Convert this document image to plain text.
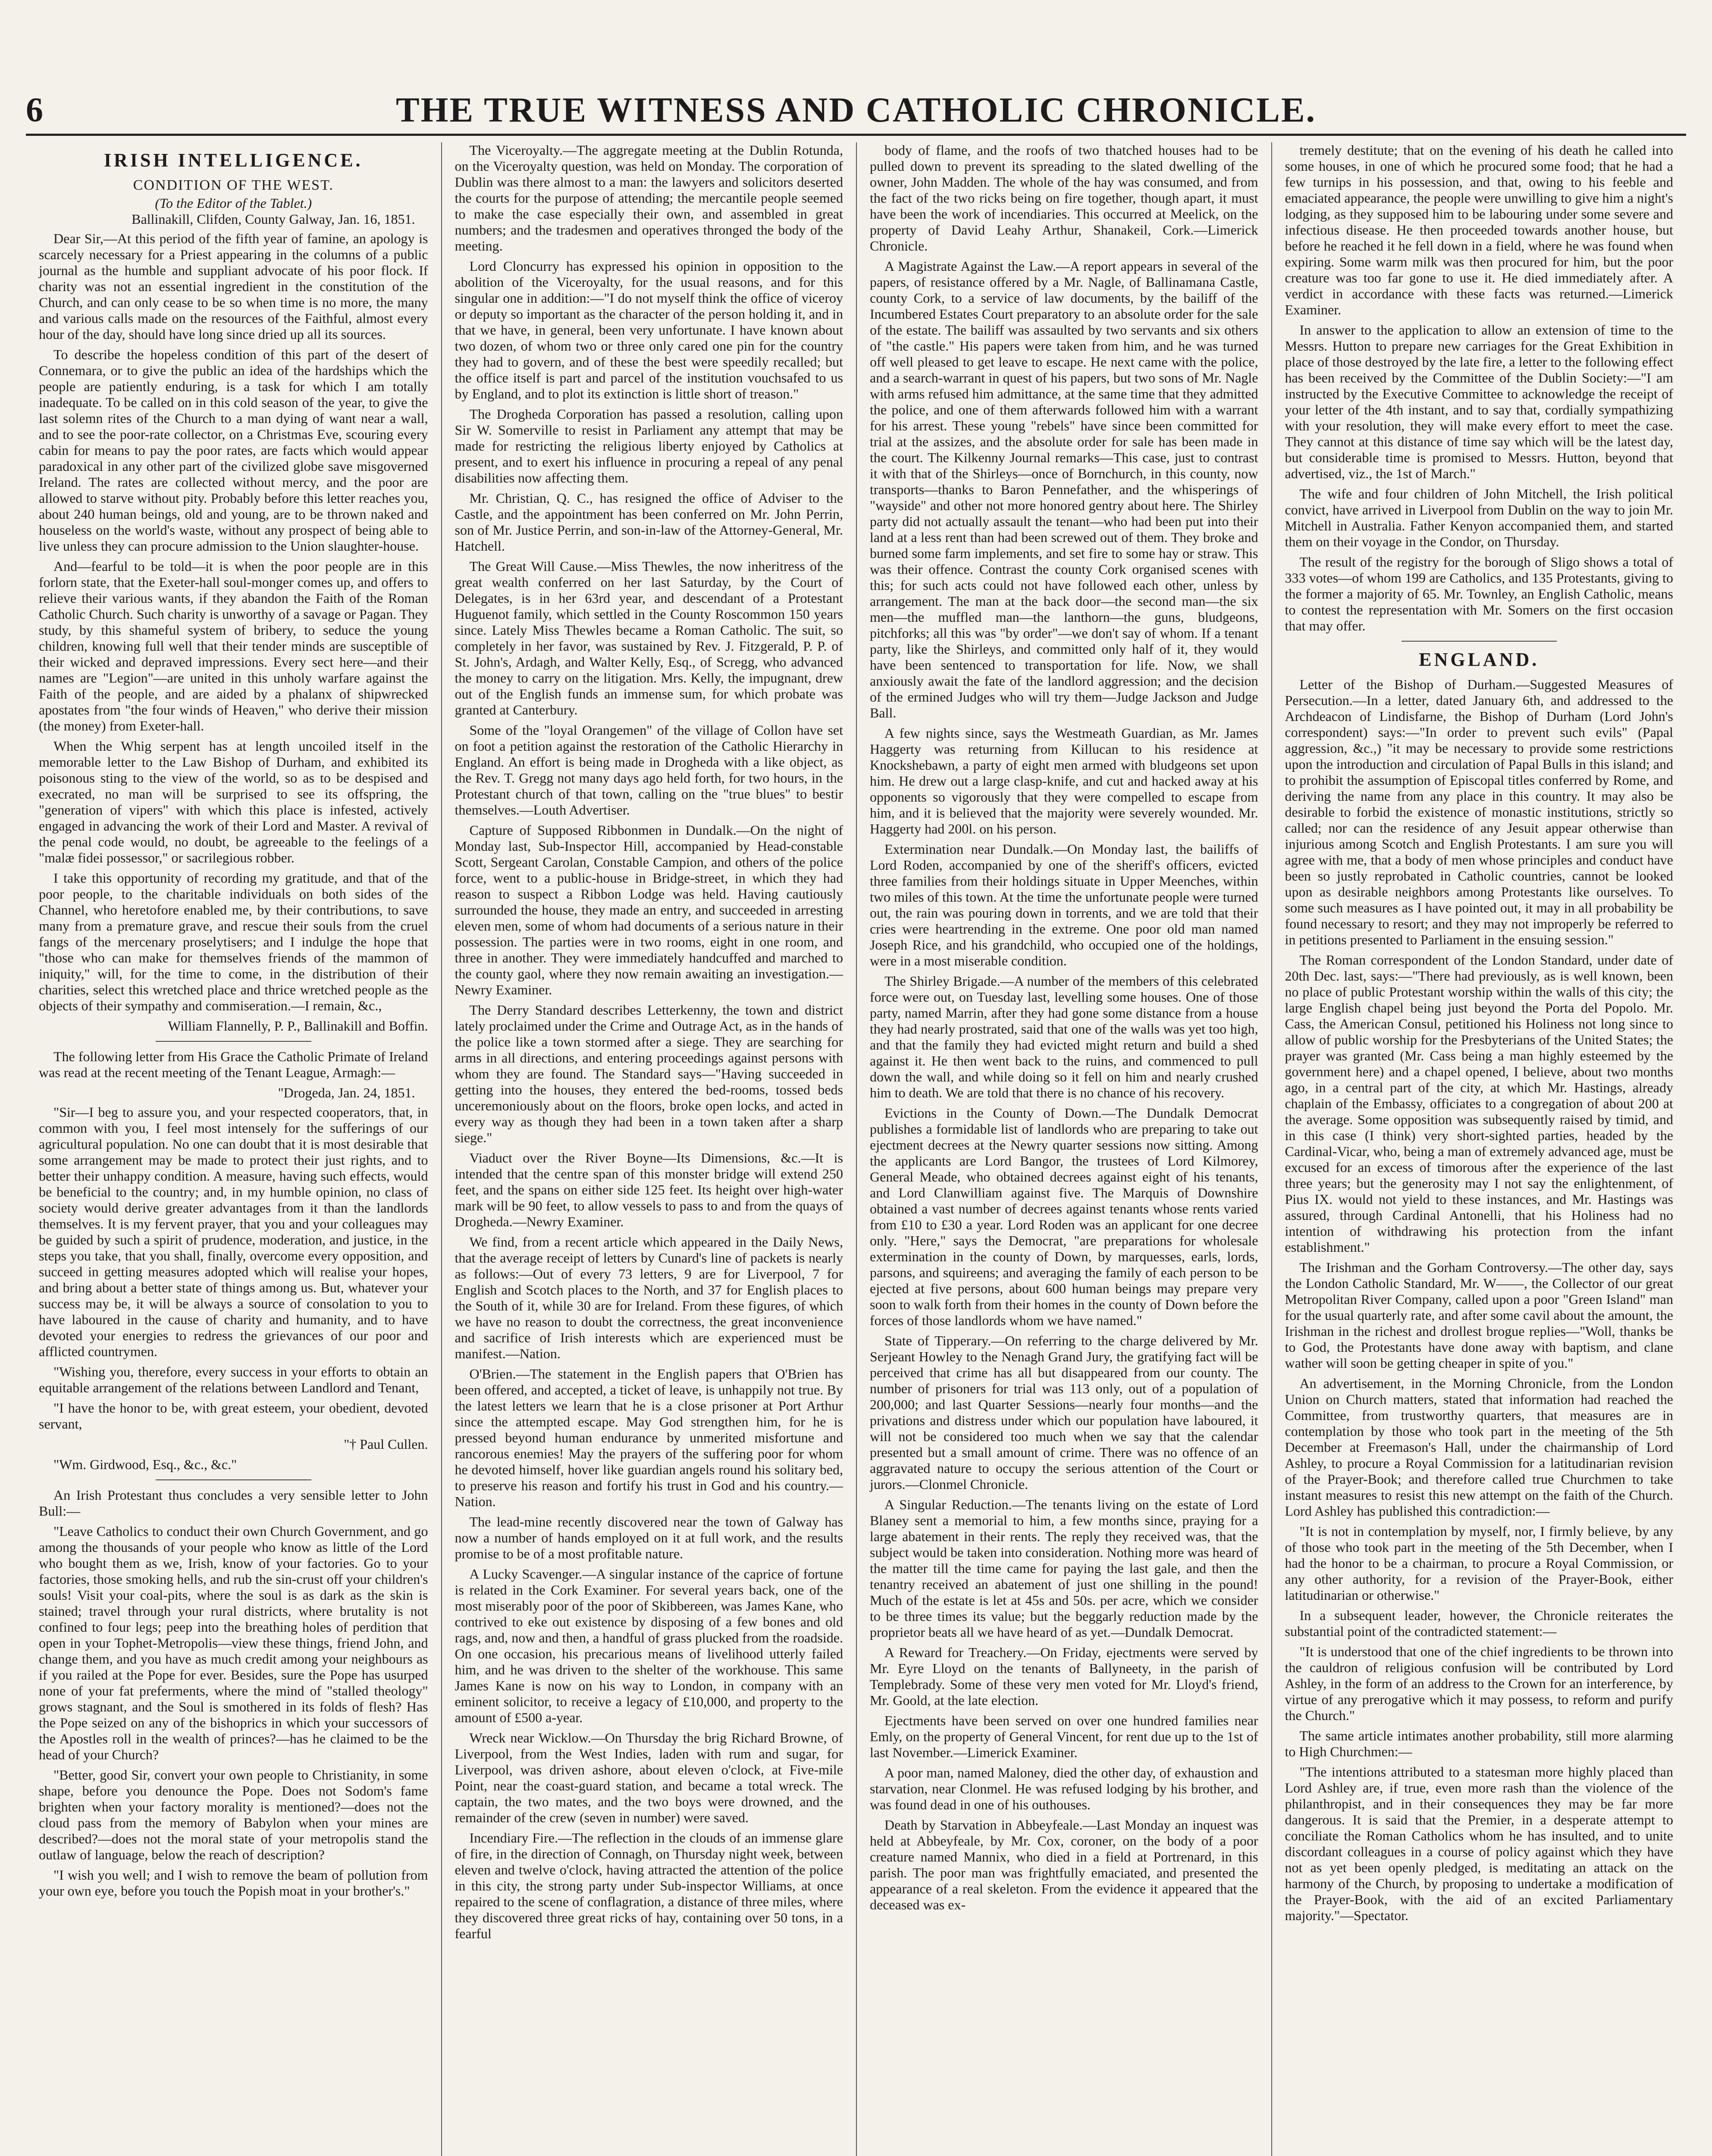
6	THE TRUE WITNESS AND CATHOLIC CHRONICLE.
IRISH INTELLIGENCE.
CONDITION OF THE WEST.
(To the Editor of the Tablet.)
Ballinakill, Clifden, County Galway, Jan. 16, 1851.

Dear Sir,—At this period of the fifth year of famine, an apology is scarcely necessary for a Priest appearing in the columns of a public journal as the humble and suppliant advocate of his poor flock. If charity was not an essential ingredient in the constitution of the Church, and can only cease to be so when time is no more, the many and various calls made on the resources of the Faithful, almost every hour of the day, should have long since dried up all its sources.

To describe the hopeless condition of this part of the desert of Connemara, or to give the public an idea of the hardships which the people are patiently enduring, is a task for which I am totally inadequate. To be called on in this cold season of the year, to give the last solemn rites of the Church to a man dying of want near a wall, and to see the poor-rate collector, on a Christmas Eve, scouring every cabin for means to pay the poor rates, are facts which would appear paradoxical in any other part of the civilized globe save misgoverned Ireland. The rates are collected without mercy, and the poor are allowed to starve without pity. Probably before this letter reaches you, about 240 human beings, old and young, are to be thrown naked and houseless on the world's waste, without any prospect of being able to live unless they can procure admission to the Union slaughter-house.

And—fearful to be told—it is when the poor people are in this forlorn state, that the Exeter-hall soul-monger comes up, and offers to relieve their various wants, if they abandon the Faith of the Roman Catholic Church. Such charity is unworthy of a savage or Pagan. They study, by this shameful system of bribery, to seduce the young children, knowing full well that their tender minds are susceptible of their wicked and depraved impressions. Every sect here—and their names are "Legion"—are united in this unholy warfare against the Faith of the people, and are aided by a phalanx of shipwrecked apostates from "the four winds of Heaven," who derive their mission (the money) from Exeter-hall.

When the Whig serpent has at length uncoiled itself in the memorable letter to the Law Bishop of Durham, and exhibited its poisonous sting to the view of the world, so as to be despised and execrated, no man will be surprised to see its offspring, the "generation of vipers" with which this place is infested, actively engaged in advancing the work of their Lord and Master. A revival of the penal code would, no doubt, be agreeable to the feelings of a "malæ fidei possessor," or sacrilegious robber.

I take this opportunity of recording my gratitude, and that of the poor people, to the charitable individuals on both sides of the Channel, who heretofore enabled me, by their contributions, to save many from a premature grave, and rescue their souls from the cruel fangs of the mercenary proselytisers; and I indulge the hope that "those who can make for themselves friends of the mammon of iniquity," will, for the time to come, in the distribution of their charities, select this wretched place and thrice wretched people as the objects of their sympathy and commiseration.—I remain, &c.,

William Flannelly, P. P., Ballinakill and Boffin.

The following letter from His Grace the Catholic Primate of Ireland was read at the recent meeting of the Tenant League, Armagh:—

"Drogeda, Jan. 24, 1851.

"Sir—I beg to assure you, and your respected cooperators, that, in common with you, I feel most intensely for the sufferings of our agricultural population. No one can doubt that it is most desirable that some arrangement may be made to protect their just rights, and to better their unhappy condition. A measure, having such effects, would be beneficial to the country; and, in my humble opinion, no class of society would derive greater advantages from it than the landlords themselves. It is my fervent prayer, that you and your colleagues may be guided by such a spirit of prudence, moderation, and justice, in the steps you take, that you shall, finally, overcome every opposition, and succeed in getting measures adopted which will realise your hopes, and bring about a better state of things among us. But, whatever your success may be, it will be always a source of consolation to you to have laboured in the cause of charity and humanity, and to have devoted your energies to redress the grievances of our poor and afflicted countrymen.

"Wishing you, therefore, every success in your efforts to obtain an equitable arrangement of the relations between Landlord and Tenant,

"I have the honor to be, with great esteem, your obedient, devoted servant,

"† Paul Cullen.

"Wm. Girdwood, Esq., &c., &c."

An Irish Protestant thus concludes a very sensible letter to John Bull:—

"Leave Catholics to conduct their own Church Government, and go among the thousands of your people who know as little of the Lord who bought them as we, Irish, know of your factories. Go to your factories, those smoking hells, and rub the sin-crust off your children's souls! Visit your coal-pits, where the soul is as dark as the skin is stained; travel through your rural districts, where brutality is not confined to four legs; peep into the breathing holes of perdition that open in your Tophet-Metropolis—view these things, friend John, and change them, and you have as much credit among your neighbours as if you railed at the Pope for ever. Besides, sure the Pope has usurped none of your fat preferments, where the mind of "stalled theology" grows stagnant, and the Soul is smothered in its folds of flesh? Has the Pope seized on any of the bishoprics in which your successors of the Apostles roll in the wealth of princes?—has he claimed to be the head of your Church?

"Better, good Sir, convert your own people to Christianity, in some shape, before you denounce the Pope. Does not Sodom's fame brighten when your factory morality is mentioned?—does not the cloud pass from the memory of Babylon when your mines are described?—does not the moral state of your metropolis stand the outlaw of language, below the reach of description?

"I wish you well; and I wish to remove the beam of pollution from your own eye, before you touch the Popish moat in your brother's."

The Viceroyalty.—The aggregate meeting at the Dublin Rotunda, on the Viceroyalty question, was held on Monday. The corporation of Dublin was there almost to a man: the lawyers and solicitors deserted the courts for the purpose of attending; the mercantile people seemed to make the case especially their own, and assembled in great numbers; and the tradesmen and operatives thronged the body of the meeting.

Lord Cloncurry has expressed his opinion in opposition to the abolition of the Viceroyalty, for the usual reasons, and for this singular one in addition:—"I do not myself think the office of viceroy or deputy so important as the character of the person holding it, and in that we have, in general, been very unfortunate. I have known about two dozen, of whom two or three only cared one pin for the country they had to govern, and of these the best were speedily recalled; but the office itself is part and parcel of the institution vouchsafed to us by England, and to plot its extinction is little short of treason."

The Drogheda Corporation has passed a resolution, calling upon Sir W. Somerville to resist in Parliament any attempt that may be made for restricting the religious liberty enjoyed by Catholics at present, and to exert his influence in procuring a repeal of any penal disabilities now affecting them.

Mr. Christian, Q. C., has resigned the office of Adviser to the Castle, and the appointment has been conferred on Mr. John Perrin, son of Mr. Justice Perrin, and son-in-law of the Attorney-General, Mr. Hatchell.

The Great Will Cause.—Miss Thewles, the now inheritress of the great wealth conferred on her last Saturday, by the Court of Delegates, is in her 63rd year, and descendant of a Protestant Huguenot family, which settled in the County Roscommon 150 years since. Lately Miss Thewles became a Roman Catholic. The suit, so completely in her favor, was sustained by Rev. J. Fitzgerald, P. P. of St. John's, Ardagh, and Walter Kelly, Esq., of Scregg, who advanced the money to carry on the litigation. Mrs. Kelly, the impugnant, drew out of the English funds an immense sum, for which probate was granted at Canterbury.

Some of the "loyal Orangemen" of the village of Collon have set on foot a petition against the restoration of the Catholic Hierarchy in England. An effort is being made in Drogheda with a like object, as the Rev. T. Gregg not many days ago held forth, for two hours, in the Protestant church of that town, calling on the "true blues" to bestir themselves.—Louth Advertiser.

Capture of Supposed Ribbonmen in Dundalk.—On the night of Monday last, Sub-Inspector Hill, accompanied by Head-constable Scott, Sergeant Carolan, Constable Campion, and others of the police force, went to a public-house in Bridge-street, in which they had reason to suspect a Ribbon Lodge was held. Having cautiously surrounded the house, they made an entry, and succeeded in arresting eleven men, some of whom had documents of a serious nature in their possession. The parties were in two rooms, eight in one room, and three in another. They were immediately handcuffed and marched to the county gaol, where they now remain awaiting an investigation.—Newry Examiner.

The Derry Standard describes Letterkenny, the town and district lately proclaimed under the Crime and Outrage Act, as in the hands of the police like a town stormed after a siege. They are searching for arms in all directions, and entering proceedings against persons with whom they are found. The Standard says—"Having succeeded in getting into the houses, they entered the bed-rooms, tossed beds unceremoniously about on the floors, broke open locks, and acted in every way as though they had been in a town taken after a sharp siege."

Viaduct over the River Boyne—Its Dimensions, &c.—It is intended that the centre span of this monster bridge will extend 250 feet, and the spans on either side 125 feet. Its height over high-water mark will be 90 feet, to allow vessels to pass to and from the quays of Drogheda.—Newry Examiner.

We find, from a recent article which appeared in the Daily News, that the average receipt of letters by Cunard's line of packets is nearly as follows:—Out of every 73 letters, 9 are for Liverpool, 7 for English and Scotch places to the North, and 37 for English places to the South of it, while 30 are for Ireland. From these figures, of which we have no reason to doubt the correctness, the great inconvenience and sacrifice of Irish interests which are experienced must be manifest.—Nation.

O'Brien.—The statement in the English papers that O'Brien has been offered, and accepted, a ticket of leave, is unhappily not true. By the latest letters we learn that he is a close prisoner at Port Arthur since the attempted escape. May God strengthen him, for he is pressed beyond human endurance by unmerited misfortune and rancorous enemies! May the prayers of the suffering poor for whom he devoted himself, hover like guardian angels round his solitary bed, to preserve his reason and fortify his trust in God and his country.—Nation.

The lead-mine recently discovered near the town of Galway has now a number of hands employed on it at full work, and the results promise to be of a most profitable nature.

A Lucky Scavenger.—A singular instance of the caprice of fortune is related in the Cork Examiner. For several years back, one of the most miserably poor of the poor of Skibbereen, was James Kane, who contrived to eke out existence by disposing of a few bones and old rags, and, now and then, a handful of grass plucked from the roadside. On one occasion, his precarious means of livelihood utterly failed him, and he was driven to the shelter of the workhouse. This same James Kane is now on his way to London, in company with an eminent solicitor, to receive a legacy of £10,000, and property to the amount of £500 a-year.

Wreck near Wicklow.—On Thursday the brig Richard Browne, of Liverpool, from the West Indies, laden with rum and sugar, for Liverpool, was driven ashore, about eleven o'clock, at Five-mile Point, near the coast-guard station, and became a total wreck. The captain, the two mates, and the two boys were drowned, and the remainder of the crew (seven in number) were saved.

Incendiary Fire.—The reflection in the clouds of an immense glare of fire, in the direction of Connagh, on Thursday night week, between eleven and twelve o'clock, having attracted the attention of the police in this city, the strong party under Sub-inspector Williams, at once repaired to the scene of conflagration, a distance of three miles, where they discovered three great ricks of hay, containing over 50 tons, in a fearful

body of flame, and the roofs of two thatched houses had to be pulled down to prevent its spreading to the slated dwelling of the owner, John Madden. The whole of the hay was consumed, and from the fact of the two ricks being on fire together, though apart, it must have been the work of incendiaries. This occurred at Meelick, on the property of David Leahy Arthur, Shanakeil, Cork.—Limerick Chronicle.

A Magistrate Against the Law.—A report appears in several of the papers, of resistance offered by a Mr. Nagle, of Ballinamana Castle, county Cork, to a service of law documents, by the bailiff of the Incumbered Estates Court preparatory to an absolute order for the sale of the estate. The bailiff was assaulted by two servants and six others of "the castle." His papers were taken from him, and he was turned off well pleased to get leave to escape. He next came with the police, and a search-warrant in quest of his papers, but two sons of Mr. Nagle with arms refused him admittance, at the same time that they admitted the police, and one of them afterwards followed him with a warrant for his arrest. These young "rebels" have since been committed for trial at the assizes, and the absolute order for sale has been made in the court. The Kilkenny Journal remarks—This case, just to contrast it with that of the Shirleys—once of Bornchurch, in this county, now transports—thanks to Baron Pennefather, and the whisperings of "wayside" and other not more honored gentry about here. The Shirley party did not actually assault the tenant—who had been put into their land at a less rent than had been screwed out of them. They broke and burned some farm implements, and set fire to some hay or straw. This was their offence. Contrast the county Cork organised scenes with this; for such acts could not have followed each other, unless by arrangement. The man at the back door—the second man—the six men—the muffled man—the lanthorn—the guns, bludgeons, pitchforks; all this was "by order"—we don't say of whom. If a tenant party, like the Shirleys, and committed only half of it, they would have been sentenced to transportation for life. Now, we shall anxiously await the fate of the landlord aggression; and the decision of the ermined Judges who will try them—Judge Jackson and Judge Ball.

A few nights since, says the Westmeath Guardian, as Mr. James Haggerty was returning from Killucan to his residence at Knockshebawn, a party of eight men armed with bludgeons set upon him. He drew out a large clasp-knife, and cut and hacked away at his opponents so vigorously that they were compelled to escape from him, and it is believed that the majority were severely wounded. Mr. Haggerty had 200l. on his person.

Extermination near Dundalk.—On Monday last, the bailiffs of Lord Roden, accompanied by one of the sheriff's officers, evicted three families from their holdings situate in Upper Meenches, within two miles of this town. At the time the unfortunate people were turned out, the rain was pouring down in torrents, and we are told that their cries were heartrending in the extreme. One poor old man named Joseph Rice, and his grandchild, who occupied one of the holdings, were in a most miserable condition.

The Shirley Brigade.—A number of the members of this celebrated force were out, on Tuesday last, levelling some houses. One of those party, named Marrin, after they had gone some distance from a house they had nearly prostrated, said that one of the walls was yet too high, and that the family they had evicted might return and build a shed against it. He then went back to the ruins, and commenced to pull down the wall, and while doing so it fell on him and nearly crushed him to death. We are told that there is no chance of his recovery.

Evictions in the County of Down.—The Dundalk Democrat publishes a formidable list of landlords who are preparing to take out ejectment decrees at the Newry quarter sessions now sitting. Among the applicants are Lord Bangor, the trustees of Lord Kilmorey, General Meade, who obtained decrees against eight of his tenants, and Lord Clanwilliam against five. The Marquis of Downshire obtained a vast number of decrees against tenants whose rents varied from £10 to £30 a year. Lord Roden was an applicant for one decree only. "Here," says the Democrat, "are preparations for wholesale extermination in the county of Down, by marquesses, earls, lords, parsons, and squireens; and averaging the family of each person to be ejected at five persons, about 600 human beings may prepare very soon to walk forth from their homes in the county of Down before the forces of those landlords whom we have named."

State of Tipperary.—On referring to the charge delivered by Mr. Serjeant Howley to the Nenagh Grand Jury, the gratifying fact will be perceived that crime has all but disappeared from our county. The number of prisoners for trial was 113 only, out of a population of 200,000; and last Quarter Sessions—nearly four months—and the privations and distress under which our population have laboured, it will not be considered too much when we say that the calendar presented but a small amount of crime. There was no offence of an aggravated nature to occupy the serious attention of the Court or jurors.—Clonmel Chronicle.

A Singular Reduction.—The tenants living on the estate of Lord Blaney sent a memorial to him, a few months since, praying for a large abatement in their rents. The reply they received was, that the subject would be taken into consideration. Nothing more was heard of the matter till the time came for paying the last gale, and then the tenantry received an abatement of just one shilling in the pound! Much of the estate is let at 45s and 50s. per acre, which we consider to be three times its value; but the beggarly reduction made by the proprietor beats all we have heard of as yet.—Dundalk Democrat.

A Reward for Treachery.—On Friday, ejectments were served by Mr. Eyre Lloyd on the tenants of Ballyneety, in the parish of Templebrady. Some of these very men voted for Mr. Lloyd's friend, Mr. Goold, at the late election.

Ejectments have been served on over one hundred families near Emly, on the property of General Vincent, for rent due up to the 1st of last November.—Limerick Examiner.

A poor man, named Maloney, died the other day, of exhaustion and starvation, near Clonmel. He was refused lodging by his brother, and was found dead in one of his outhouses.

Death by Starvation in Abbeyfeale.—Last Monday an inquest was held at Abbeyfeale, by Mr. Cox, coroner, on the body of a poor creature named Mannix, who died in a field at Portrenard, in this parish. The poor man was frightfully emaciated, and presented the appearance of a real skeleton. From the evidence it appeared that the deceased was ex-

tremely destitute; that on the evening of his death he called into some houses, in one of which he procured some food; that he had a few turnips in his possession, and that, owing to his feeble and emaciated appearance, the people were unwilling to give him a night's lodging, as they supposed him to be labouring under some severe and infectious disease. He then proceeded towards another house, but before he reached it he fell down in a field, where he was found when expiring. Some warm milk was then procured for him, but the poor creature was too far gone to use it. He died immediately after. A verdict in accordance with these facts was returned.—Limerick Examiner.

In answer to the application to allow an extension of time to the Messrs. Hutton to prepare new carriages for the Great Exhibition in place of those destroyed by the late fire, a letter to the following effect has been received by the Committee of the Dublin Society:—"I am instructed by the Executive Committee to acknowledge the receipt of your letter of the 4th instant, and to say that, cordially sympathizing with your resolution, they will make every effort to meet the case. They cannot at this distance of time say which will be the latest day, but considerable time is promised to Messrs. Hutton, beyond that advertised, viz., the 1st of March."

The wife and four children of John Mitchell, the Irish political convict, have arrived in Liverpool from Dublin on the way to join Mr. Mitchell in Australia. Father Kenyon accompanied them, and started them on their voyage in the Condor, on Thursday.

The result of the registry for the borough of Sligo shows a total of 333 votes—of whom 199 are Catholics, and 135 Protestants, giving to the former a majority of 65. Mr. Townley, an English Catholic, means to contest the representation with Mr. Somers on the first occasion that may offer.

ENGLAND.

Letter of the Bishop of Durham.—Suggested Measures of Persecution.—In a letter, dated January 6th, and addressed to the Archdeacon of Lindisfarne, the Bishop of Durham (Lord John's correspondent) says:—"In order to prevent such evils" (Papal aggression, &c.,) "it may be necessary to provide some restrictions upon the introduction and circulation of Papal Bulls in this island; and to prohibit the assumption of Episcopal titles conferred by Rome, and deriving the name from any place in this country. It may also be desirable to forbid the existence of monastic institutions, strictly so called; nor can the residence of any Jesuit appear otherwise than injurious among Scotch and English Protestants. I am sure you will agree with me, that a body of men whose principles and conduct have been so justly reprobated in Catholic countries, cannot be looked upon as desirable neighbors among Protestants like ourselves. To some such measures as I have pointed out, it may in all probability be found necessary to resort; and they may not improperly be referred to in petitions presented to Parliament in the ensuing session."

The Roman correspondent of the London Standard, under date of 20th Dec. last, says:—"There had previously, as is well known, been no place of public Protestant worship within the walls of this city; the large English chapel being just beyond the Porta del Popolo. Mr. Cass, the American Consul, petitioned his Holiness not long since to allow of public worship for the Presbyterians of the United States; the prayer was granted (Mr. Cass being a man highly esteemed by the government here) and a chapel opened, I believe, about two months ago, in a central part of the city, at which Mr. Hastings, already chaplain of the Embassy, officiates to a congregation of about 200 at the average. Some opposition was subsequently raised by timid, and in this case (I think) very short-sighted parties, headed by the Cardinal-Vicar, who, being a man of extremely advanced age, must be excused for an excess of timorous after the experience of the last three years; but the generosity may I not say the enlightenment, of Pius IX. would not yield to these instances, and Mr. Hastings was assured, through Cardinal Antonelli, that his Holiness had no intention of withdrawing his protection from the infant establishment."

The Irishman and the Gorham Controversy.—The other day, says the London Catholic Standard, Mr. W——, the Collector of our great Metropolitan River Company, called upon a poor "Green Island" man for the usual quarterly rate, and after some cavil about the amount, the Irishman in the richest and drollest brogue replies—"Woll, thanks be to God, the Protestants have done away with baptism, and clane wather will soon be getting cheaper in spite of you."

An advertisement, in the Morning Chronicle, from the London Union on Church matters, stated that information had reached the Committee, from trustworthy quarters, that measures are in contemplation by those who took part in the meeting of the 5th December at Freemason's Hall, under the chairmanship of Lord Ashley, to procure a Royal Commission for a latitudinarian revision of the Prayer-Book; and therefore called true Churchmen to take instant measures to resist this new attempt on the faith of the Church. Lord Ashley has published this contradiction:—

"It is not in contemplation by myself, nor, I firmly believe, by any of those who took part in the meeting of the 5th December, when I had the honor to be a chairman, to procure a Royal Commission, or any other authority, for a revision of the Prayer-Book, either latitudinarian or otherwise."

In a subsequent leader, however, the Chronicle reiterates the substantial point of the contradicted statement:—

"It is understood that one of the chief ingredients to be thrown into the cauldron of religious confusion will be contributed by Lord Ashley, in the form of an address to the Crown for an interference, by virtue of any prerogative which it may possess, to reform and purify the Church."

The same article intimates another probability, still more alarming to High Churchmen:—

"The intentions attributed to a statesman more highly placed than Lord Ashley are, if true, even more rash than the violence of the philanthropist, and in their consequences they may be far more dangerous. It is said that the Premier, in a desperate attempt to conciliate the Roman Catholics whom he has insulted, and to unite discordant colleagues in a course of policy against which they have not as yet been openly pledged, is meditating an attack on the harmony of the Church, by proposing to undertake a modification of the Prayer-Book, with the aid of an excited Parliamentary majority."—Spectator.
